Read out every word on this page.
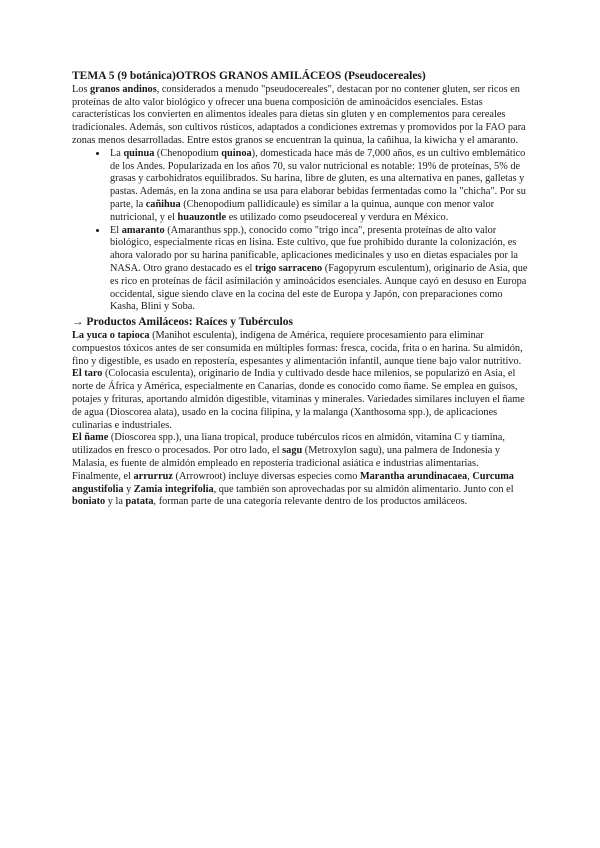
TEMA 5 (9 botánica)OTROS GRANOS AMILÁCEOS (Pseudocereales)

Los granos andinos, considerados a menudo "pseudocereales", destacan por no contener gluten, ser ricos en proteínas de alto valor biológico y ofrecer una buena composición de aminoácidos esenciales. Estas características los convierten en alimentos ideales para dietas sin gluten y en complementos para cereales tradicionales. Además, son cultivos rústicos, adaptados a condiciones extremas y promovidos por la FAO para zonas menos desarrolladas. Entre estos granos se encuentran la quinua, la cañihua, la kiwicha y el amaranto.

• La quinua (Chenopodium quinoa), domesticada hace más de 7,000 años, es un cultivo emblemático de los Andes. Popularizada en los años 70, su valor nutricional es notable: 19% de proteínas, 5% de grasas y carbohidratos equilibrados. Su harina, libre de gluten, es una alternativa en panes, galletas y pastas. Además, en la zona andina se usa para elaborar bebidas fermentadas como la "chicha". Por su parte, la cañihua (Chenopodium pallidicaule) es similar a la quinua, aunque con menor valor nutricional, y el huauzontle es utilizado como pseudocereal y verdura en México.
• El amaranto (Amaranthus spp.), conocido como "trigo inca", presenta proteínas de alto valor biológico, especialmente ricas en lisina. Este cultivo, que fue prohibido durante la colonización, es ahora valorado por su harina panificable, aplicaciones medicinales y uso en dietas espaciales por la NASA. Otro grano destacado es el trigo sarraceno (Fagopyrum esculentum), originario de Asia, que es rico en proteínas de fácil asimilación y aminoácidos esenciales. Aunque cayó en desuso en Europa occidental, sigue siendo clave en la cocina del este de Europa y Japón, con preparaciones como Kasha, Blini y Soba.
→ Productos Amiláceos: Raíces y Tubérculos

La yuca o tapioca (Manihot esculenta), indígena de América, requiere procesamiento para eliminar compuestos tóxicos antes de ser consumida en múltiples formas: fresca, cocida, frita o en harina. Su almidón, fino y digestible, es usado en repostería, espesantes y alimentación infantil, aunque tiene bajo valor nutritivo.

El taro (Colocasia esculenta), originario de India y cultivado desde hace milenios, se popularizó en Asia, el norte de África y América, especialmente en Canarias, donde es conocido como ñame. Se emplea en guisos, potajes y frituras, aportando almidón digestible, vitaminas y minerales. Variedades similares incluyen el ñame de agua (Dioscorea alata), usado en la cocina filipina, y la malanga (Xanthosoma spp.), de aplicaciones culinarias e industriales.

El ñame (Dioscorea spp.), una liana tropical, produce tubérculos ricos en almidón, vitamina C y tiamina, utilizados en fresco o procesados. Por otro lado, el sagu (Metroxylon sagu), una palmera de Indonesia y Malasia, es fuente de almidón empleado en repostería tradicional asiática e industrias alimentarias.

Finalmente, el arrurruz (Arrowroot) incluye diversas especies como Maranthа arundinacaea, Curcuma angustifolia y Zamia integrifolia, que también son aprovechadas por su almidón alimentario. Junto con el boniato y la patata, forman parte de una categoría relevante dentro de los productos amiláceos.
